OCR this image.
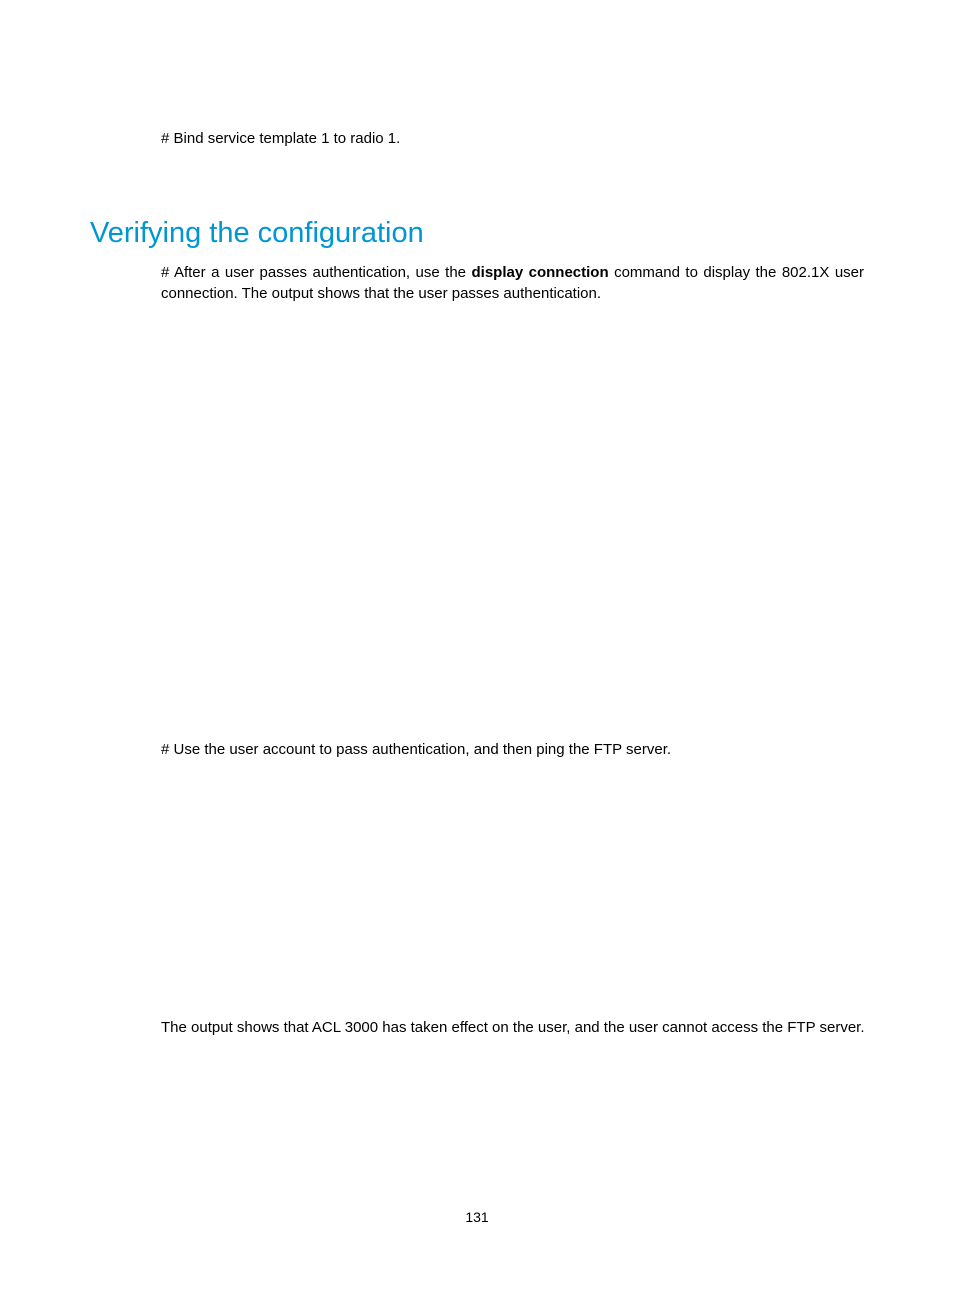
# Bind service template 1 to radio 1.

Verifying the configuration

# After a user passes authentication, use the display connection command to display the 802.1X user connection. The output shows that the user passes authentication.

# Use the user account to pass authentication, and then ping the FTP server.

The output shows that ACL 3000 has taken effect on the user, and the user cannot access the FTP server.

131
